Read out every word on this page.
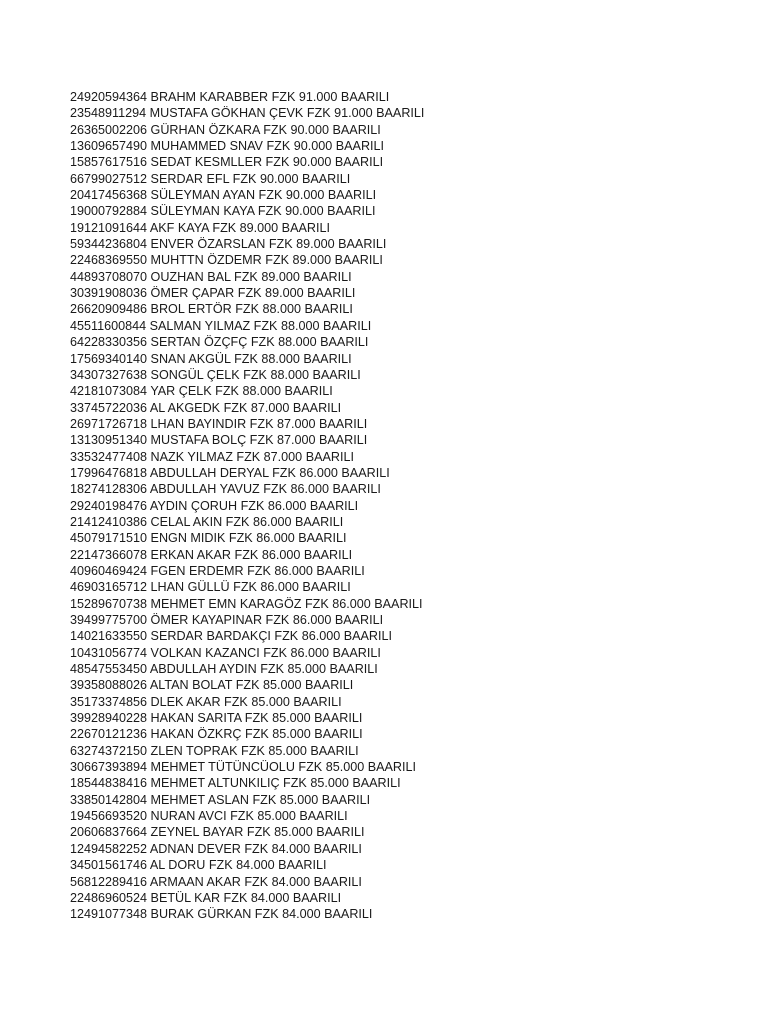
24920594364 BRAHM KARABBER FZK 91.000 BAARILI
23548911294 MUSTAFA GÖKHAN ÇEVK FZK 91.000 BAARILI
26365002206 GÜRHAN ÖZKARA FZK 90.000 BAARILI
13609657490 MUHAMMED SNAV FZK 90.000 BAARILI
15857617516 SEDAT KESMLLER FZK 90.000 BAARILI
66799027512 SERDAR EFL FZK 90.000 BAARILI
20417456368 SÜLEYMAN AYAN FZK 90.000 BAARILI
19000792884 SÜLEYMAN KAYA FZK 90.000 BAARILI
19121091644 AKF KAYA FZK 89.000 BAARILI
59344236804 ENVER ÖZARSLAN FZK 89.000 BAARILI
22468369550 MUHTTN ÖZDEMR FZK 89.000 BAARILI
44893708070 OUZHAN BAL FZK 89.000 BAARILI
30391908036 ÖMER ÇAPAR FZK 89.000 BAARILI
26620909486 BROL ERTÖR FZK 88.000 BAARILI
45511600844 SALMAN YILMAZ FZK 88.000 BAARILI
64228330356 SERTAN ÖZÇFÇ FZK 88.000 BAARILI
17569340140 SNAN AKGÜL FZK 88.000 BAARILI
34307327638 SONGÜL ÇELK FZK 88.000 BAARILI
42181073084 YAR ÇELK FZK 88.000 BAARILI
33745722036 AL AKGEDK FZK 87.000 BAARILI
26971726718 LHAN BAYINDIR FZK 87.000 BAARILI
13130951340 MUSTAFA BOLÇ FZK 87.000 BAARILI
33532477408 NAZK YILMAZ FZK 87.000 BAARILI
17996476818 ABDULLAH DERYAL FZK 86.000 BAARILI
18274128306 ABDULLAH YAVUZ FZK 86.000 BAARILI
29240198476 AYDIN ÇORUH FZK 86.000 BAARILI
21412410386 CELAL AKIN FZK 86.000 BAARILI
45079171510 ENGN MIDIK FZK 86.000 BAARILI
22147366078 ERKAN AKAR FZK 86.000 BAARILI
40960469424 FGEN ERDEMR FZK 86.000 BAARILI
46903165712 LHAN GÜLLÜ FZK 86.000 BAARILI
15289670738 MEHMET EMN KARAGÖZ FZK 86.000 BAARILI
39499775700 ÖMER KAYAPINAR FZK 86.000 BAARILI
14021633550 SERDAR BARDAKÇI FZK 86.000 BAARILI
10431056774 VOLKAN KAZANCI FZK 86.000 BAARILI
48547553450 ABDULLAH AYDIN FZK 85.000 BAARILI
39358088026 ALTAN BOLAT FZK 85.000 BAARILI
35173374856 DLEK AKAR FZK 85.000 BAARILI
39928940228 HAKAN SARITA FZK 85.000 BAARILI
22670121236 HAKAN ÖZKRÇ FZK 85.000 BAARILI
63274372150 ZLEN TOPRAK FZK 85.000 BAARILI
30667393894 MEHMET TÜTÜNCÜOLU FZK 85.000 BAARILI
18544838416 MEHMET ALTUNKILIÇ FZK 85.000 BAARILI
33850142804 MEHMET ASLAN FZK 85.000 BAARILI
19456693520 NURAN AVCI FZK 85.000 BAARILI
20606837664 ZEYNEL BAYAR FZK 85.000 BAARILI
12494582252 ADNAN DEVER FZK 84.000 BAARILI
34501561746 AL DORU FZK 84.000 BAARILI
56812289416 ARMAAN AKAR FZK 84.000 BAARILI
22486960524 BETÜL KAR FZK 84.000 BAARILI
12491077348 BURAK GÜRKAN FZK 84.000 BAARILI
